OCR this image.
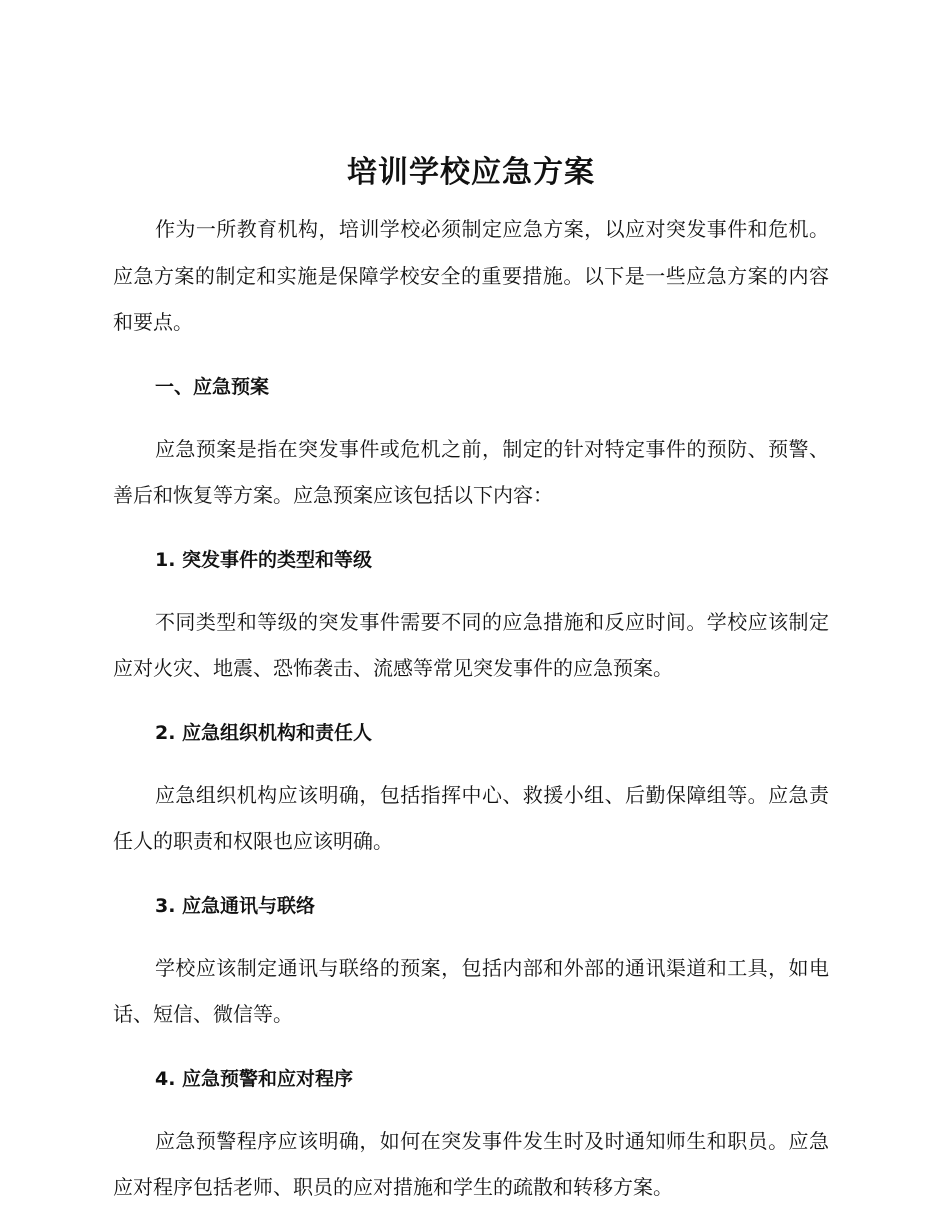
培训学校应急方案

作为一所教育机构，培训学校必须制定应急方案，以应对突发事件和危机。应急方案的制定和实施是保障学校安全的重要措施。以下是一些应急方案的内容和要点。

一、应急预案

应急预案是指在突发事件或危机之前，制定的针对特定事件的预防、预警、善后和恢复等方案。应急预案应该包括以下内容：

1. 突发事件的类型和等级

不同类型和等级的突发事件需要不同的应急措施和反应时间。学校应该制定应对火灾、地震、恐怖袭击、流感等常见突发事件的应急预案。

2. 应急组织机构和责任人

应急组织机构应该明确，包括指挥中心、救援小组、后勤保障组等。应急责任人的职责和权限也应该明确。

3. 应急通讯与联络

学校应该制定通讯与联络的预案，包括内部和外部的通讯渠道和工具，如电话、短信、微信等。

4. 应急预警和应对程序

应急预警程序应该明确，如何在突发事件发生时及时通知师生和职员。应急应对程序包括老师、职员的应对措施和学生的疏散和转移方案。
